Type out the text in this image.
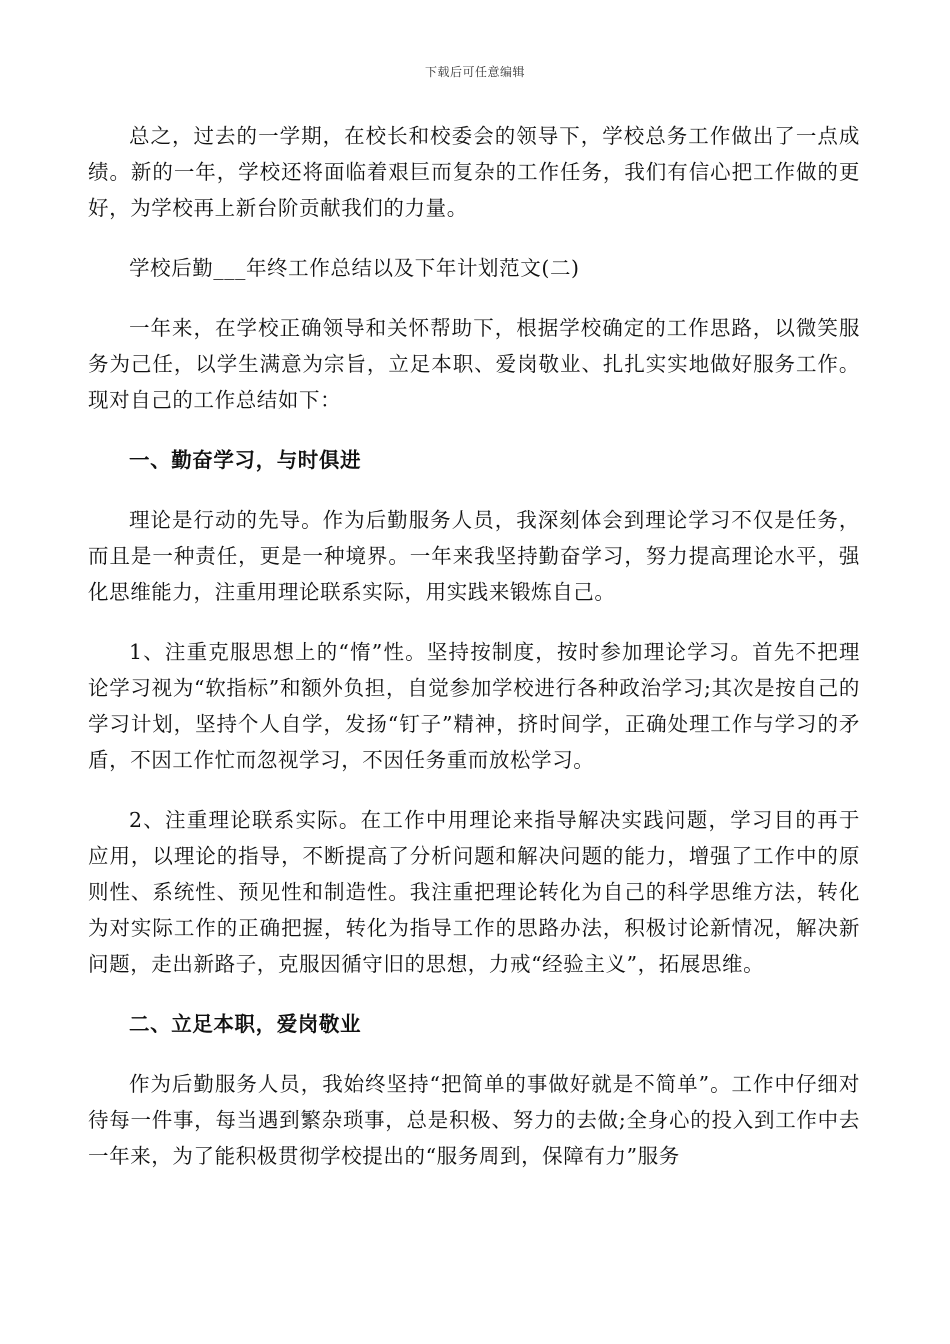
下载后可任意编辑

总之，过去的一学期，在校长和校委会的领导下，学校总务工作做出了一点成绩。新的一年，学校还将面临着艰巨而复杂的工作任务，我们有信心把工作做的更好，为学校再上新台阶贡献我们的力量。

学校后勤___年终工作总结以及下年计划范文(二)

一年来，在学校正确领导和关怀帮助下，根据学校确定的工作思路，以微笑服务为己任，以学生满意为宗旨，立足本职、爱岗敬业、扎扎实实地做好服务工作。现对自己的工作总结如下：

一、勤奋学习，与时俱进

理论是行动的先导。作为后勤服务人员，我深刻体会到理论学习不仅是任务，而且是一种责任，更是一种境界。一年来我坚持勤奋学习，努力提高理论水平，强化思维能力，注重用理论联系实际，用实践来锻炼自己。

1、注重克服思想上的“惰”性。坚持按制度，按时参加理论学习。首先不把理论学习视为“软指标”和额外负担，自觉参加学校进行各种政治学习;其次是按自己的学习计划，坚持个人自学，发扬“钉子”精神，挤时间学，正确处理工作与学习的矛盾，不因工作忙而忽视学习，不因任务重而放松学习。

2、注重理论联系实际。在工作中用理论来指导解决实践问题，学习目的再于应用，以理论的指导，不断提高了分析问题和解决问题的能力，增强了工作中的原则性、系统性、预见性和制造性。我注重把理论转化为自己的科学思维方法，转化为对实际工作的正确把握，转化为指导工作的思路办法，积极讨论新情况，解决新问题，走出新路子，克服因循守旧的思想，力戒“经验主义”，拓展思维。

二、立足本职，爱岗敬业

作为后勤服务人员，我始终坚持“把简单的事做好就是不简单”。工作中仔细对待每一件事，每当遇到繁杂琐事，总是积极、努力的去做;全身心的投入到工作中去一年来，为了能积极贯彻学校提出的“服务周到，保障有力”服务
